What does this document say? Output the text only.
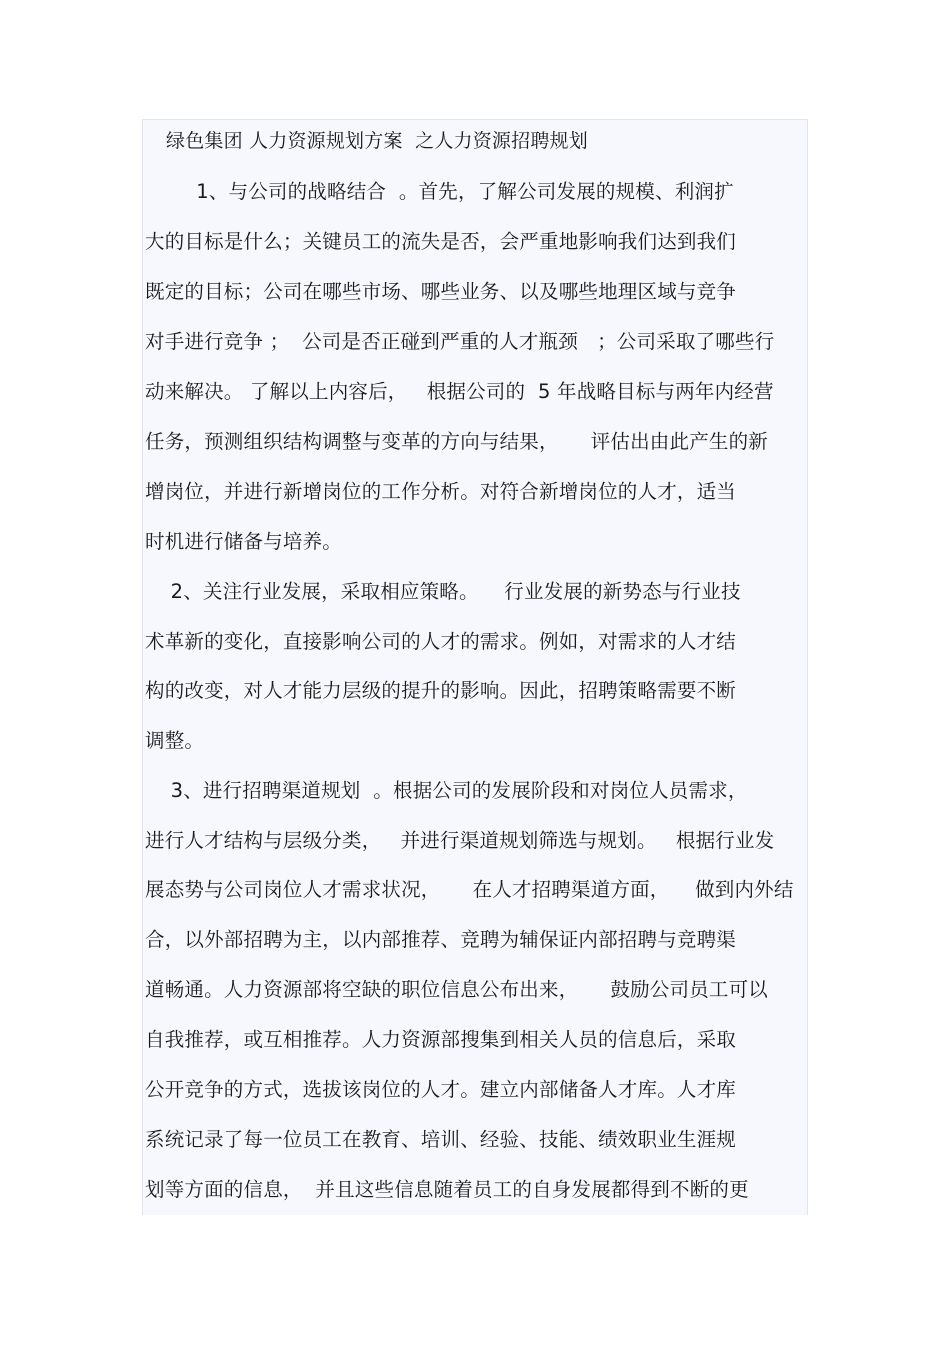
绿色集团 人力资源规划方案  之人力资源招聘规划
1、与公司的战略结合  。首先，了解公司发展的规模、利润扩
大的目标是什么；关键员工的流失是否，会严重地影响我们达到我们
既定的目标；公司在哪些市场、哪些业务、以及哪些地理区域与竞争
对手进行竞争 ；  公司是否正碰到严重的人才瓶颈   ；公司采取了哪些行
动来解决。 了解以上内容后，   根据公司的  5 年战略目标与两年内经营
任务，预测组织结构调整与变革的方向与结果，     评估出由此产生的新
增岗位，并进行新增岗位的工作分析。对符合新增岗位的人才，适当
时机进行储备与培养。
2、关注行业发展，采取相应策略。    行业发展的新势态与行业技
术革新的变化，直接影响公司的人才的需求。例如，对需求的人才结
构的改变，对人才能力层级的提升的影响。因此，招聘策略需要不断
调整。
3、进行招聘渠道规划  。根据公司的发展阶段和对岗位人员需求，
进行人才结构与层级分类，   并进行渠道规划筛选与规划。   根据行业发
展态势与公司岗位人才需求状况，     在人才招聘渠道方面，    做到内外结
合，以外部招聘为主，以内部推荐、竞聘为辅保证内部招聘与竞聘渠
道畅通。人力资源部将空缺的职位信息公布出来，     鼓励公司员工可以
自我推荐，或互相推荐。人力资源部搜集到相关人员的信息后，采取
公开竞争的方式，选拔该岗位的人才。建立内部储备人才库。人才库
系统记录了每一位员工在教育、培训、经验、技能、绩效职业生涯规
划等方面的信息，  并且这些信息随着员工的自身发展都得到不断的更
